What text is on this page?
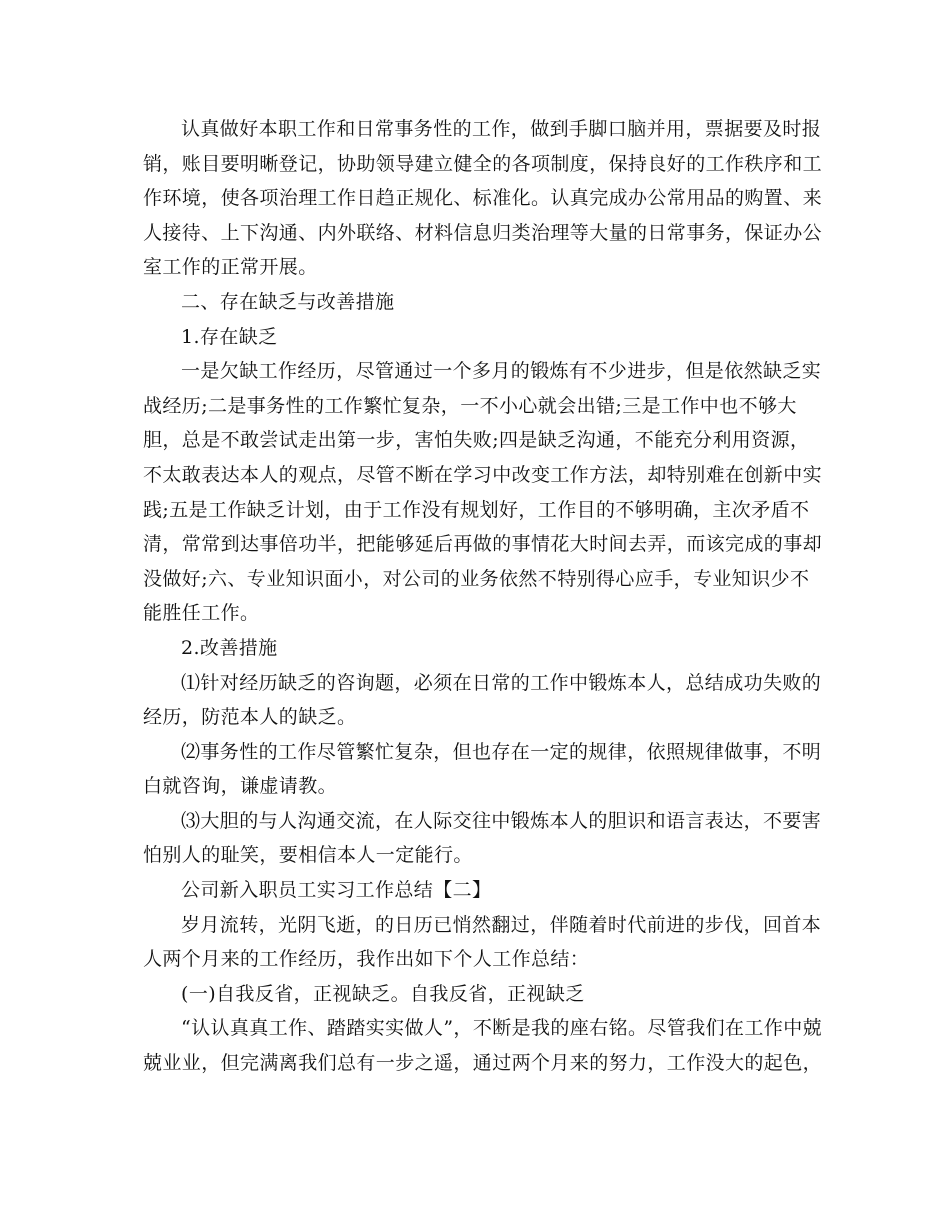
认真做好本职工作和日常事务性的工作，做到手脚口脑并用，票据要及时报销，账目要明晰登记，协助领导建立健全的各项制度，保持良好的工作秩序和工作环境，使各项治理工作日趋正规化、标准化。认真完成办公常用品的购置、来人接待、上下沟通、内外联络、材料信息归类治理等大量的日常事务，保证办公室工作的正常开展。

二、存在缺乏与改善措施

1.存在缺乏

一是欠缺工作经历，尽管通过一个多月的锻炼有不少进步，但是依然缺乏实战经历;二是事务性的工作繁忙复杂，一不小心就会出错;三是工作中也不够大胆，总是不敢尝试走出第一步，害怕失败;四是缺乏沟通，不能充分利用资源，不太敢表达本人的观点，尽管不断在学习中改变工作方法，却特别难在创新中实践;五是工作缺乏计划，由于工作没有规划好，工作目的不够明确，主次矛盾不清，常常到达事倍功半，把能够延后再做的事情花大时间去弄，而该完成的事却没做好;六、专业知识面小，对公司的业务依然不特别得心应手，专业知识少不能胜任工作。

2.改善措施

⑴针对经历缺乏的咨询题，必须在日常的工作中锻炼本人，总结成功失败的经历，防范本人的缺乏。

⑵事务性的工作尽管繁忙复杂，但也存在一定的规律，依照规律做事，不明白就咨询，谦虚请教。

⑶大胆的与人沟通交流，在人际交往中锻炼本人的胆识和语言表达，不要害怕别人的耻笑，要相信本人一定能行。

公司新入职员工实习工作总结【二】

岁月流转，光阴飞逝，的日历已悄然翻过，伴随着时代前进的步伐，回首本人两个月来的工作经历，我作出如下个人工作总结：

(一)自我反省，正视缺乏。自我反省，正视缺乏

“认认真真工作、踏踏实实做人”，不断是我的座右铭。尽管我们在工作中兢兢业业，但完满离我们总有一步之遥，通过两个月来的努力，工作没大的起色，
